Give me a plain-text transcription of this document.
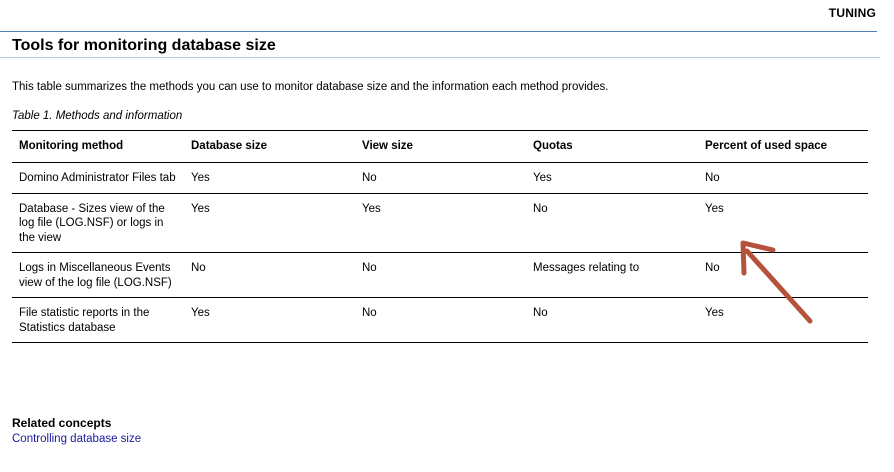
TUNING
Tools for monitoring database size

This table summarizes the methods you can use to monitor database size and the information each method provides.

Table 1. Methods and information
Monitoring method	Database size	View size	Quotas	Percent of used space
Domino Administrator Files tab	Yes	No	Yes	No
Database - Sizes view of the log file (LOG.NSF) or logs in the view	Yes	Yes	No	Yes
Logs in Miscellaneous Events view of the log file (LOG.NSF)	No	No	Messages relating to	No
File statistic reports in the Statistics database	Yes	No	No	Yes
Related concepts
Controlling database size
